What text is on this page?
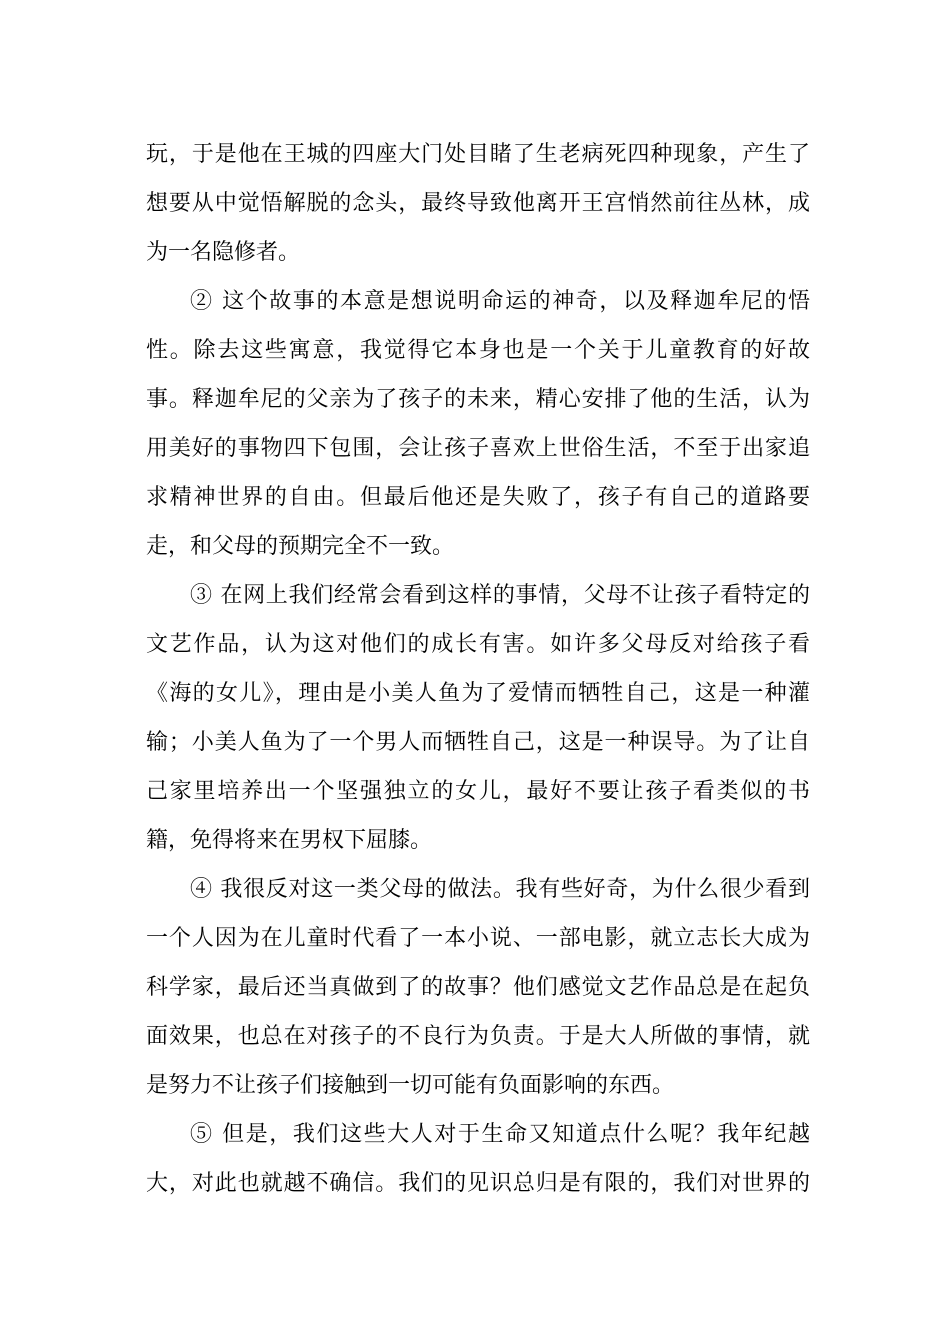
玩，于是他在王城的四座大门处目睹了生老病死四种现象，产生了
想要从中觉悟解脱的念头，最终导致他离开王宫悄然前往丛林，成
为一名隐修者。
② 这个故事的本意是想说明命运的神奇，以及释迦牟尼的悟
性。除去这些寓意，我觉得它本身也是一个关于儿童教育的好故
事。释迦牟尼的父亲为了孩子的未来，精心安排了他的生活，认为
用美好的事物四下包围，会让孩子喜欢上世俗生活，不至于出家追
求精神世界的自由。但最后他还是失败了，孩子有自己的道路要
走，和父母的预期完全不一致。
③ 在网上我们经常会看到这样的事情，父母不让孩子看特定的
文艺作品，认为这对他们的成长有害。如许多父母反对给孩子看
《海的女儿》，理由是小美人鱼为了爱情而牺牲自己，这是一种灌
输；小美人鱼为了一个男人而牺牲自己，这是一种误导。为了让自
己家里培养出一个坚强独立的女儿，最好不要让孩子看类似的书
籍，免得将来在男权下屈膝。
④ 我很反对这一类父母的做法。我有些好奇，为什么很少看到
一个人因为在儿童时代看了一本小说、一部电影，就立志长大成为
科学家，最后还当真做到了的故事？他们感觉文艺作品总是在起负
面效果，也总在对孩子的不良行为负责。于是大人所做的事情，就
是努力不让孩子们接触到一切可能有负面影响的东西。
⑤ 但是，我们这些大人对于生命又知道点什么呢？我年纪越
大，对此也就越不确信。我们的见识总归是有限的，我们对世界的
